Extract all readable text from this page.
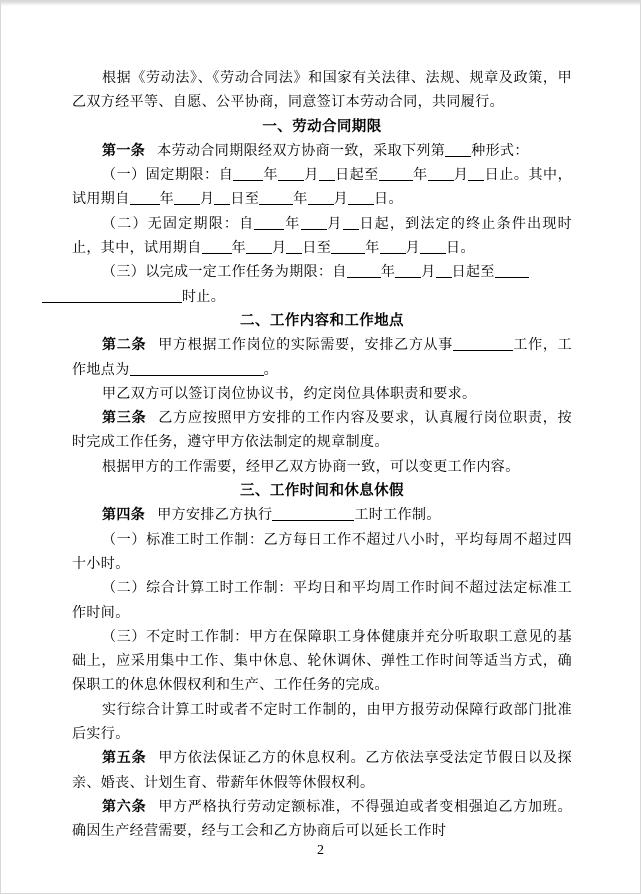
根据《劳动法》、《劳动合同法》和国家有关法律、法规、规章及政策，甲乙双方经平等、自愿、公平协商，同意签订本劳动合同，共同履行。

一、劳动合同期限

第一条 本劳动合同期限经双方协商一致，采取下列第 种形式：

（一）固定期限：自 年 月 日起至 年 月 日止。其中，试用期自 年 月 日至 年 月 日。

（二）无固定期限：自 年 月 日起，到法定的终止条件出现时止，其中，试用期自 年 月 日至 年 月 日。

（三）以完成一定工作任务为期限：自 年 月 日起至
时止。

二、工作内容和工作地点

第二条 甲方根据工作岗位的实际需要，安排乙方从事	工作，工作地点为	。

甲乙双方可以签订岗位协议书，约定岗位具体职责和要求。

第三条 乙方应按照甲方安排的工作内容及要求，认真履行岗位职责，按时完成工作任务，遵守甲方依法制定的规章制度。

根据甲方的工作需要，经甲乙双方协商一致，可以变更工作内容。

三、工作时间和休息休假

第四条 甲方安排乙方执行	工时工作制。

（一）标准工时工作制：乙方每日工作不超过八小时，平均每周不超过四十小时。

（二）综合计算工时工作制：平均日和平均周工作时间不超过法定标准工作时间。

（三）不定时工作制：甲方在保障职工身体健康并充分听取职工意见的基础上，应采用集中工作、集中休息、轮休调休、弹性工作时间等适当方式，确保职工的休息休假权利和生产、工作任务的完成。

实行综合计算工时或者不定时工作制的，由甲方报劳动保障行政部门批准后实行。

第五条 甲方依法保证乙方的休息权利。乙方依法享受法定节假日以及探亲、婚丧、计划生育、带薪年休假等休假权利。

第六条 甲方严格执行劳动定额标准，不得强迫或者变相强迫乙方加班。确因生产经营需要，经与工会和乙方协商后可以延长工作时

2
